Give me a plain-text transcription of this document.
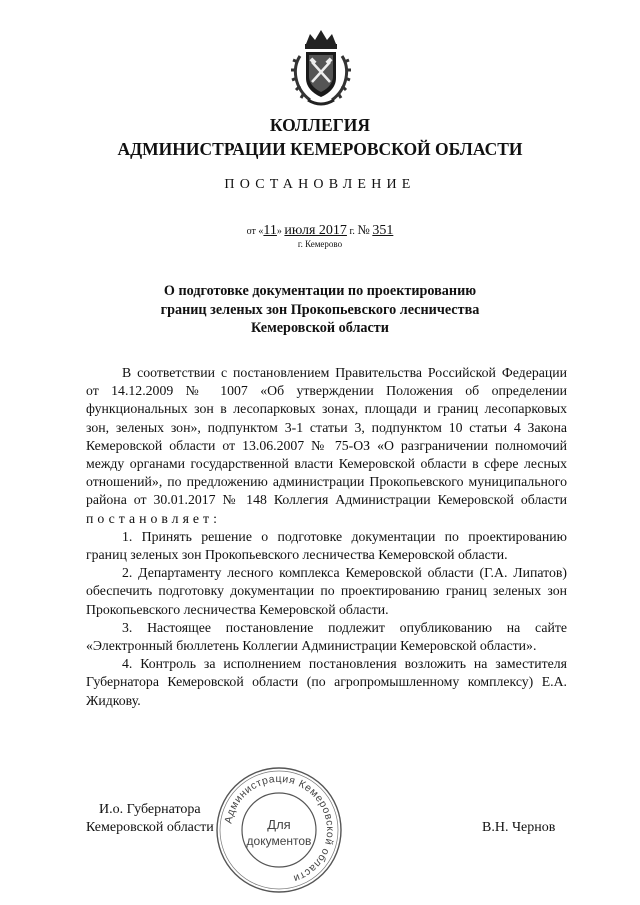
КОЛЛЕГИЯ
АДМИНИСТРАЦИИ КЕМЕРОВСКОЙ ОБЛАСТИ
ПОСТАНОВЛЕНИЕ
от «11» июля 2017 г. № 351
г. Кемерово
О подготовке документации по проектированию
границ зеленых зон Прокопьевского лесничества
Кемеровской области

В соответствии с постановлением Правительства Российской Федерации от 14.12.2009 № 1007 «Об утверждении Положения об определении функциональных зон в лесопарковых зонах, площади и границ лесопарковых зон, зеленых зон», подпунктом 3-1 статьи 3, подпунктом 10 статьи 4 Закона Кемеровской области от 13.06.2007 № 75-ОЗ «О разграничении полномочий между органами государственной власти Кемеровской области в сфере лесных отношений», по предложению администрации Прокопьевского муниципального района от 30.01.2017 № 148 Коллегия Администрации Кемеровской области постановляет:

1. Принять решение о подготовке документации по проектированию границ зеленых зон Прокопьевского лесничества Кемеровской области.

2. Департаменту лесного комплекса Кемеровской области (Г.А. Липатов) обеспечить подготовку документации по проектированию границ зеленых зон Прокопьевского лесничества Кемеровской области.

3. Настоящее постановление подлежит опубликованию на сайте «Электронный бюллетень Коллегии Администрации Кемеровской области».

4. Контроль за исполнением постановления возложить на заместителя Губернатора Кемеровской области (по агропромышленному комплексу) Е.А. Жидкову.

И.о. Губернатора
Кемеровской области	В.Н. Чернов
Администрация Кемеровской области
Для
документов
